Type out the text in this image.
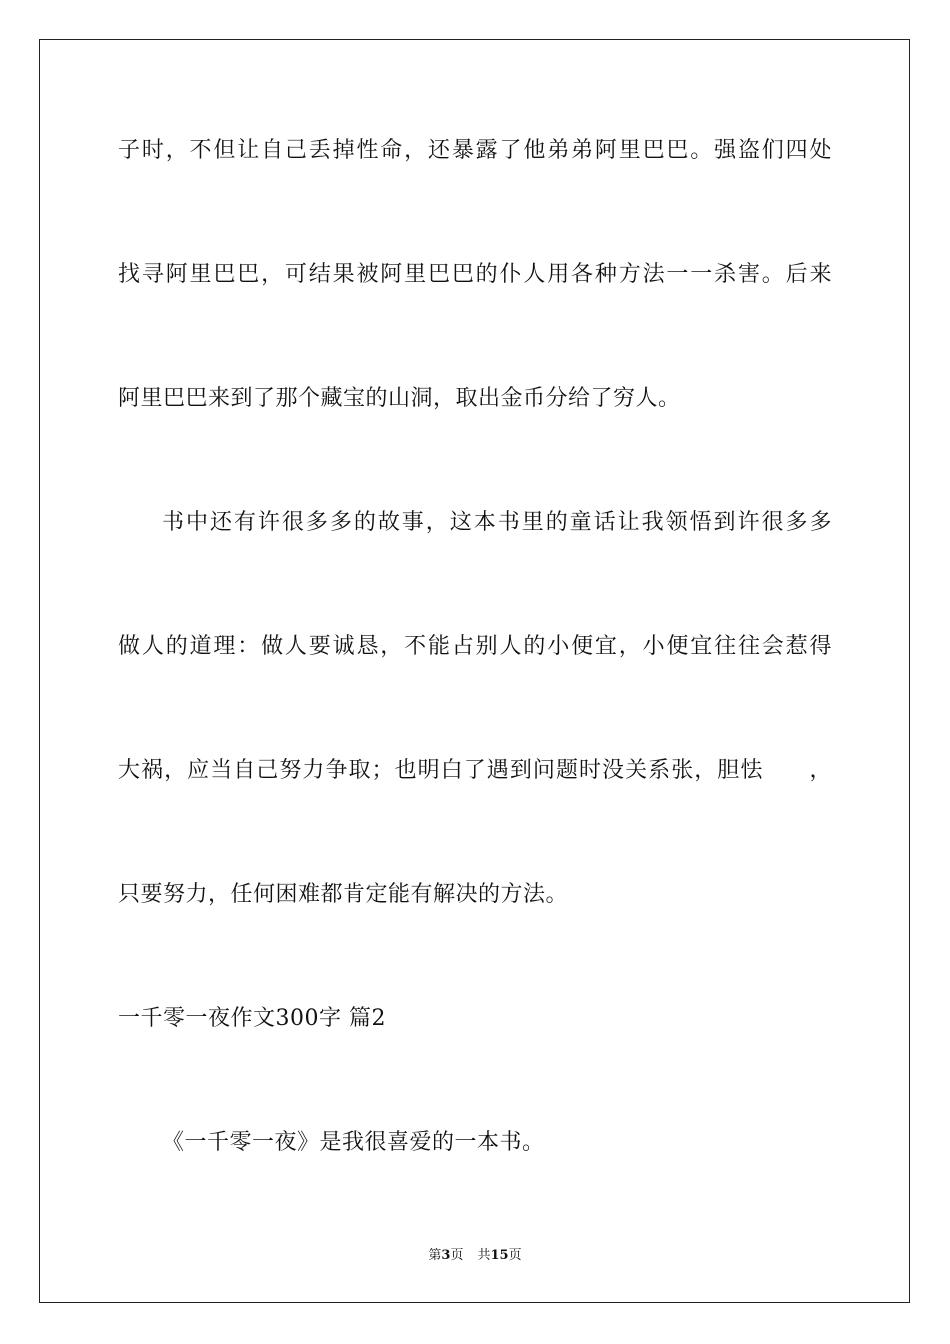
子时，不但让自己丢掉性命，还暴露了他弟弟阿里巴巴。强盗们四处
找寻阿里巴巴，可结果被阿里巴巴的仆人用各种方法一一杀害。后来
阿里巴巴来到了那个藏宝的山洞，取出金币分给了穷人。
书中还有许很多多的故事，这本书里的童话让我领悟到许很多多
做人的道理：做人要诚恳，不能占别人的小便宜，小便宜往往会惹得
大祸，应当自己努力争取；也明白了遇到问题时没关系张，胆怯　　，
只要努力，任何困难都肯定能有解决的方法。
一千零一夜作文300字 篇2
《一千零一夜》是我很喜爱的一本书。
第3页 共15页
